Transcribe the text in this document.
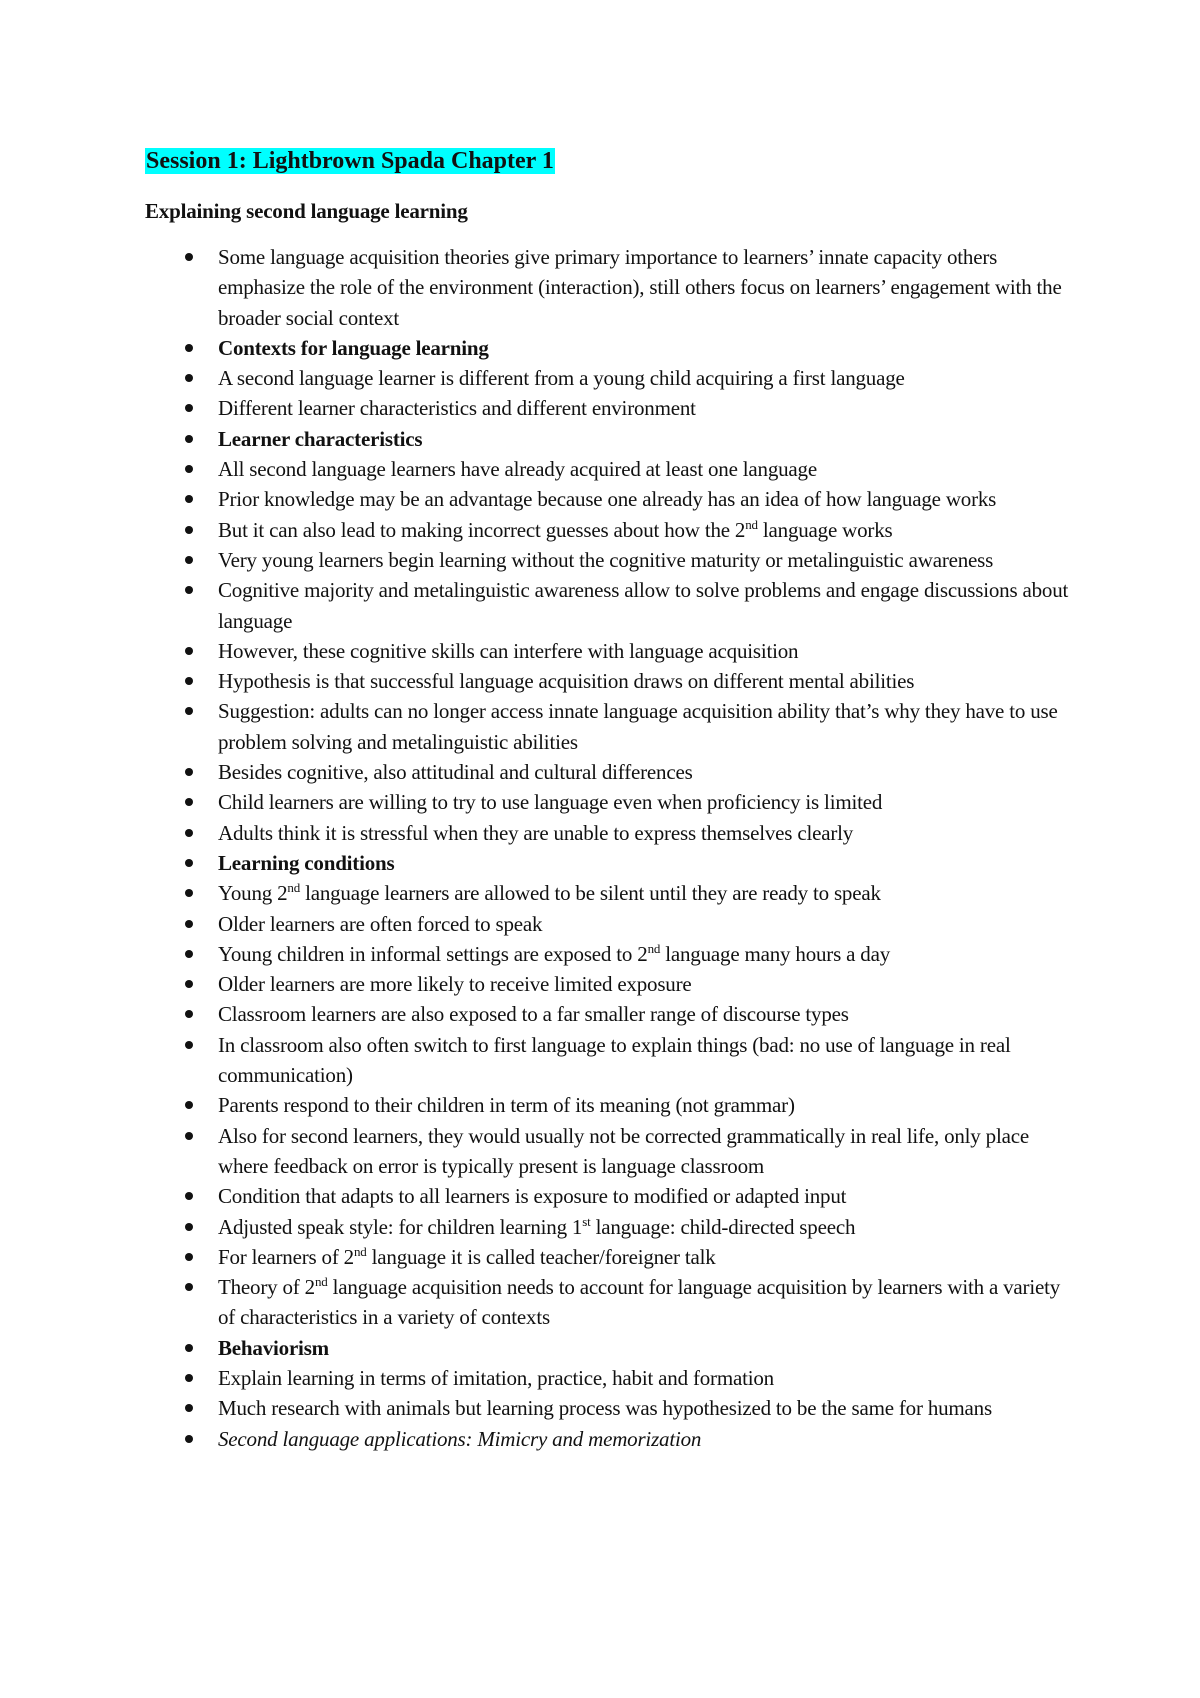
Session 1: Lightbrown Spada Chapter 1
Explaining second language learning
Some language acquisition theories give primary importance to learners’ innate capacity others emphasize the role of the environment (interaction), still others focus on learners’ engagement with the broader social context
Contexts for language learning
A second language learner is different from a young child acquiring a first language
Different learner characteristics and different environment
Learner characteristics
All second language learners have already acquired at least one language
Prior knowledge may be an advantage because one already has an idea of how language works
But it can also lead to making incorrect guesses about how the 2nd language works
Very young learners begin learning without the cognitive maturity or metalinguistic awareness
Cognitive majority and metalinguistic awareness allow to solve problems and engage discussions about language
However, these cognitive skills can interfere with language acquisition
Hypothesis is that successful language acquisition draws on different mental abilities
Suggestion: adults can no longer access innate language acquisition ability that’s why they have to use problem solving and metalinguistic abilities
Besides cognitive, also attitudinal and cultural differences
Child learners are willing to try to use language even when proficiency is limited
Adults think it is stressful when they are unable to express themselves clearly
Learning conditions
Young 2nd language learners are allowed to be silent until they are ready to speak
Older learners are often forced to speak
Young children in informal settings are exposed to 2nd language many hours a day
Older learners are more likely to receive limited exposure
Classroom learners are also exposed to a far smaller range of discourse types
In classroom also often switch to first language to explain things (bad: no use of language in real communication)
Parents respond to their children in term of its meaning (not grammar)
Also for second learners, they would usually not be corrected grammatically in real life, only place where feedback on error is typically present is language classroom
Condition that adapts to all learners is exposure to modified or adapted input
Adjusted speak style: for children learning 1st language: child-directed speech
For learners of 2nd language it is called teacher/foreigner talk
Theory of 2nd language acquisition needs to account for language acquisition by learners with a variety of characteristics in a variety of contexts
Behaviorism
Explain learning in terms of imitation, practice, habit and formation
Much research with animals but learning process was hypothesized to be the same for humans
Second language applications: Mimicry and memorization
